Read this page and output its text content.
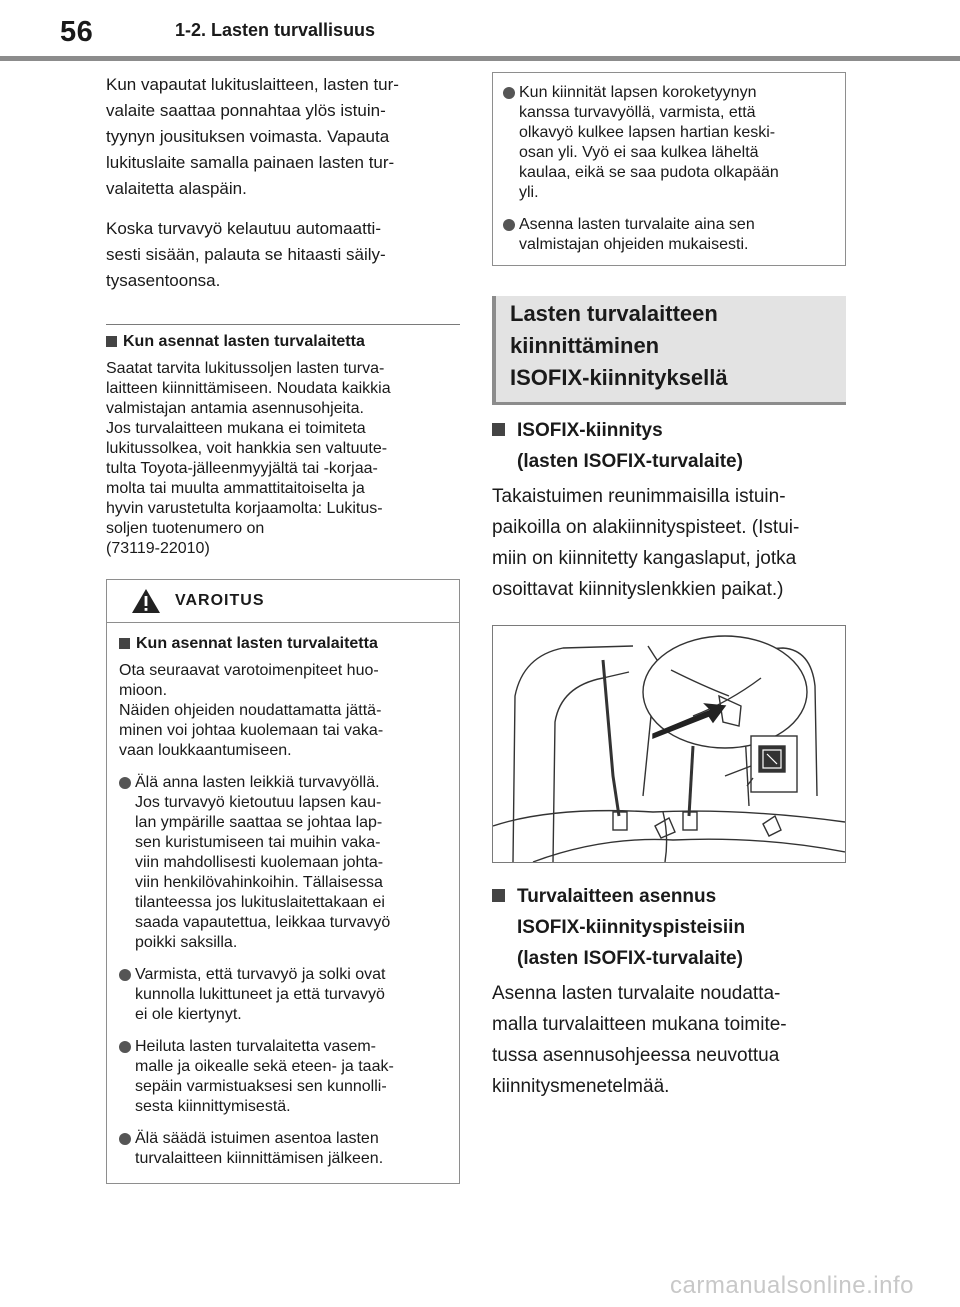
56	1-2. Lasten turvallisuus

Kun vapautat lukituslaitteen, lasten tur-
valaite saattaa ponnahtaa ylös istuin-
tyynyn jousituksen voimasta. Vapauta
lukituslaite samalla painaen lasten tur-
valaitetta alaspäin.

Koska turvavyö kelautuu automaatti-
sesti sisään, palauta se hitaasti säily-
tysasentoonsa.

Kun asennat lasten turvalaitetta

Saatat tarvita lukitussoljen lasten turva-
laitteen kiinnittämiseen. Noudata kaikkia
valmistajan antamia asennusohjeita.
Jos turvalaitteen mukana ei toimiteta
lukitussolkea, voit hankkia sen valtuute-
tulta Toyota-jälleenmyyjältä tai -korjaa-
molta tai muulta ammattitaitoiselta ja
hyvin varustetulta korjaamolta: Lukitus-
soljen tuotenumero on
(73119-22010)

VAROITUS
Kun asennat lasten turvalaitetta

Ota seuraavat varotoimenpiteet huo-
mioon.
Näiden ohjeiden noudattamatta jättä-
minen voi johtaa kuolemaan tai vaka-
vaan loukkaantumiseen.

Älä anna lasten leikkiä turvavyöllä.
Jos turvavyö kietoutuu lapsen kau-
lan ympärille saattaa se johtaa lap-
sen kuristumiseen tai muihin vaka-
viin mahdollisesti kuolemaan johta-
viin henkilövahinkoihin. Tällaisessa
tilanteessa jos lukituslaitettakaan ei
saada vapautettua, leikkaa turvavyö
poikki saksilla.
Varmista, että turvavyö ja solki ovat
kunnolla lukittuneet ja että turvavyö
ei ole kiertynyt.
Heiluta lasten turvalaitetta vasem-
malle ja oikealle sekä eteen- ja taak-
sepäin varmistuaksesi sen kunnolli-
sesta kiinnittymisestä.
Älä säädä istuimen asentoa lasten
turvalaitteen kiinnittämisen jälkeen.
Kun kiinnität lapsen koroketyynyn
kanssa turvavyöllä, varmista, että
olkavyö kulkee lapsen hartian keski-
osan yli. Vyö ei saa kulkea läheltä
kaulaa, eikä se saa pudota olkapään
yli.
Asenna lasten turvalaite aina sen
valmistajan ohjeiden mukaisesti.
Lasten turvalaitteen
kiinnittäminen
ISOFIX-kiinnityksellä
ISOFIX-kiinnitys
(lasten ISOFIX-turvalaite)

Takaistuimen reunimmaisilla istuin-
paikoilla on alakiinnityspisteet. (Istui-
miin on kiinnitetty kangaslaput, jotka
osoittavat kiinnityslenkkien paikat.)

Turvalaitteen asennus
ISOFIX-kiinnityspisteisiin
(lasten ISOFIX-turvalaite)

Asenna lasten turvalaite noudatta-
malla turvalaitteen mukana toimite-
tussa asennusohjeessa neuvottua
kiinnitysmenetelmää.

carmanualsonline.info
